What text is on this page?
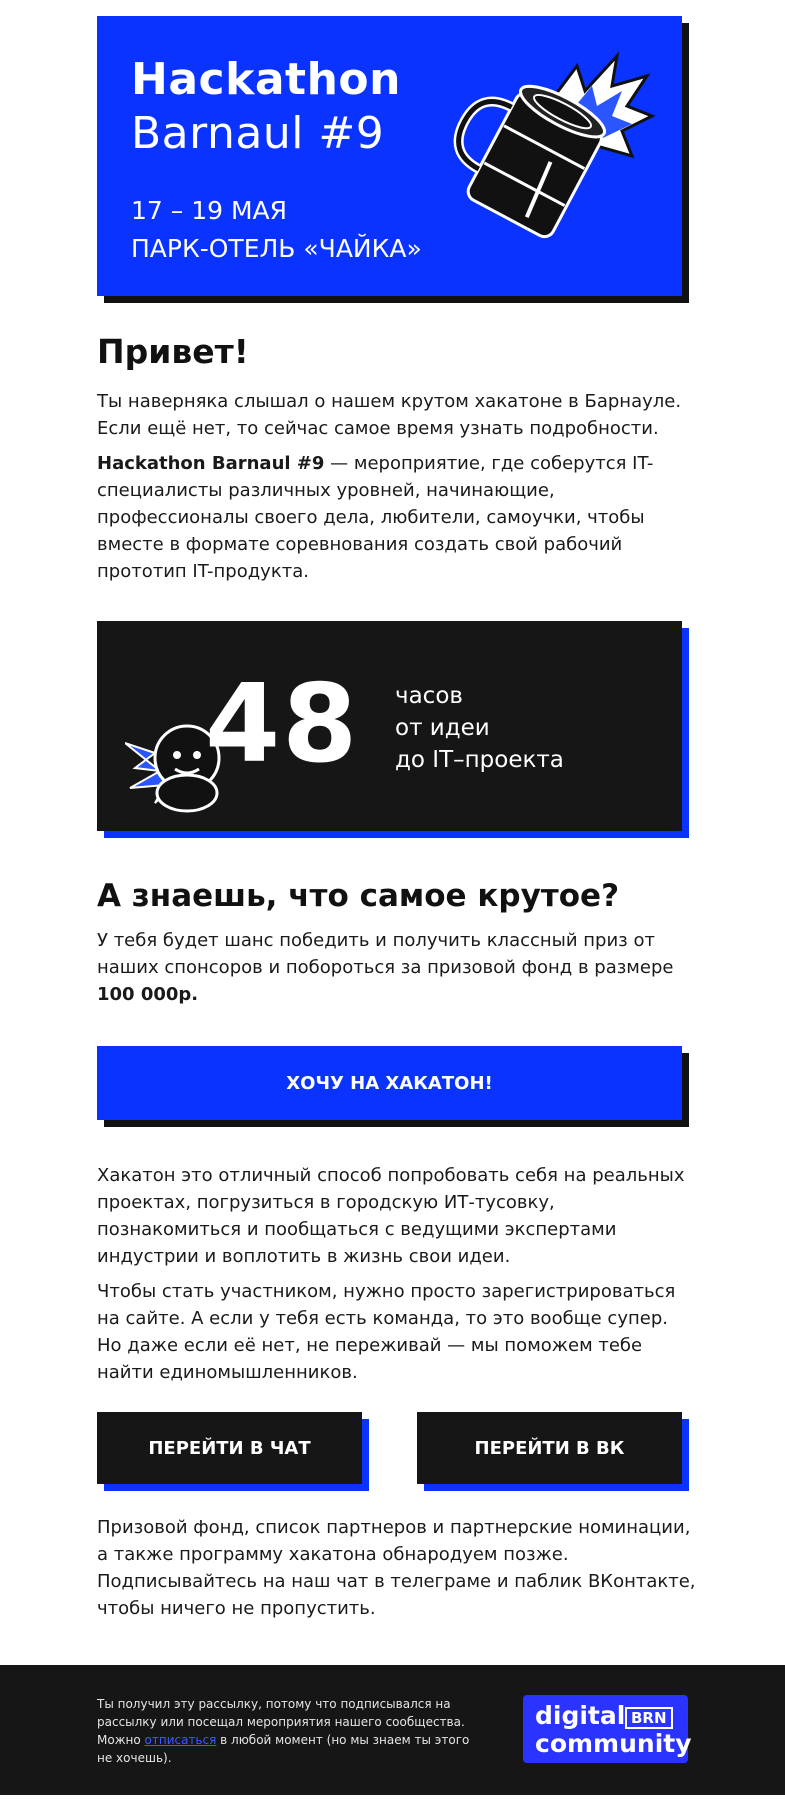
Hackathon
Barnaul #9
17 – 19 МАЯ
ПАРК-ОТЕЛЬ «ЧАЙКА»
Привет!

Ты наверняка слышал о нашем крутом хакатоне в Барнауле. Если ещё нет, то сейчас самое время узнать подробности.

Hackathon Barnaul #9 — мероприятие, где соберутся IT-специалисты различных уровней, начинающие, профессионалы своего дела, любители, самоучки, чтобы вместе в формате соревнования создать свой рабочий прототип IT-продукта.

48 часов
от идеи
до IT–проекта
А знаешь, что самое крутое?

У тебя будет шанс победить и получить классный приз от наших спонсоров и побороться за призовой фонд в размере 100 000р.

ХОЧУ НА ХАКАТОН!

Хакатон это отличный способ попробовать себя на реальных проектах, погрузиться в городскую ИТ-тусовку, познакомиться и пообщаться с ведущими экспертами индустрии и воплотить в жизнь свои идеи.

Чтобы стать участником, нужно просто зарегистрироваться на сайте. А если у тебя есть команда, то это вообще супер. Но даже если её нет, не переживай — мы поможем тебе найти единомышленников.

ПЕРЕЙТИ В ЧАТ	ПЕРЕЙТИ В ВК

Призовой фонд, список партнеров и партнерские номинации, а также программу хакатона обнародуем позже. Подписывайтесь на наш чат в телеграме и паблик ВКонтакте, чтобы ничего не пропустить.

Ты получил эту рассылку, потому что подписывался на рассылку или посещал мероприятия нашего сообщества. Можно отписаться в любой момент (но мы знаем ты этого не хочешь).

digital BRN
community
